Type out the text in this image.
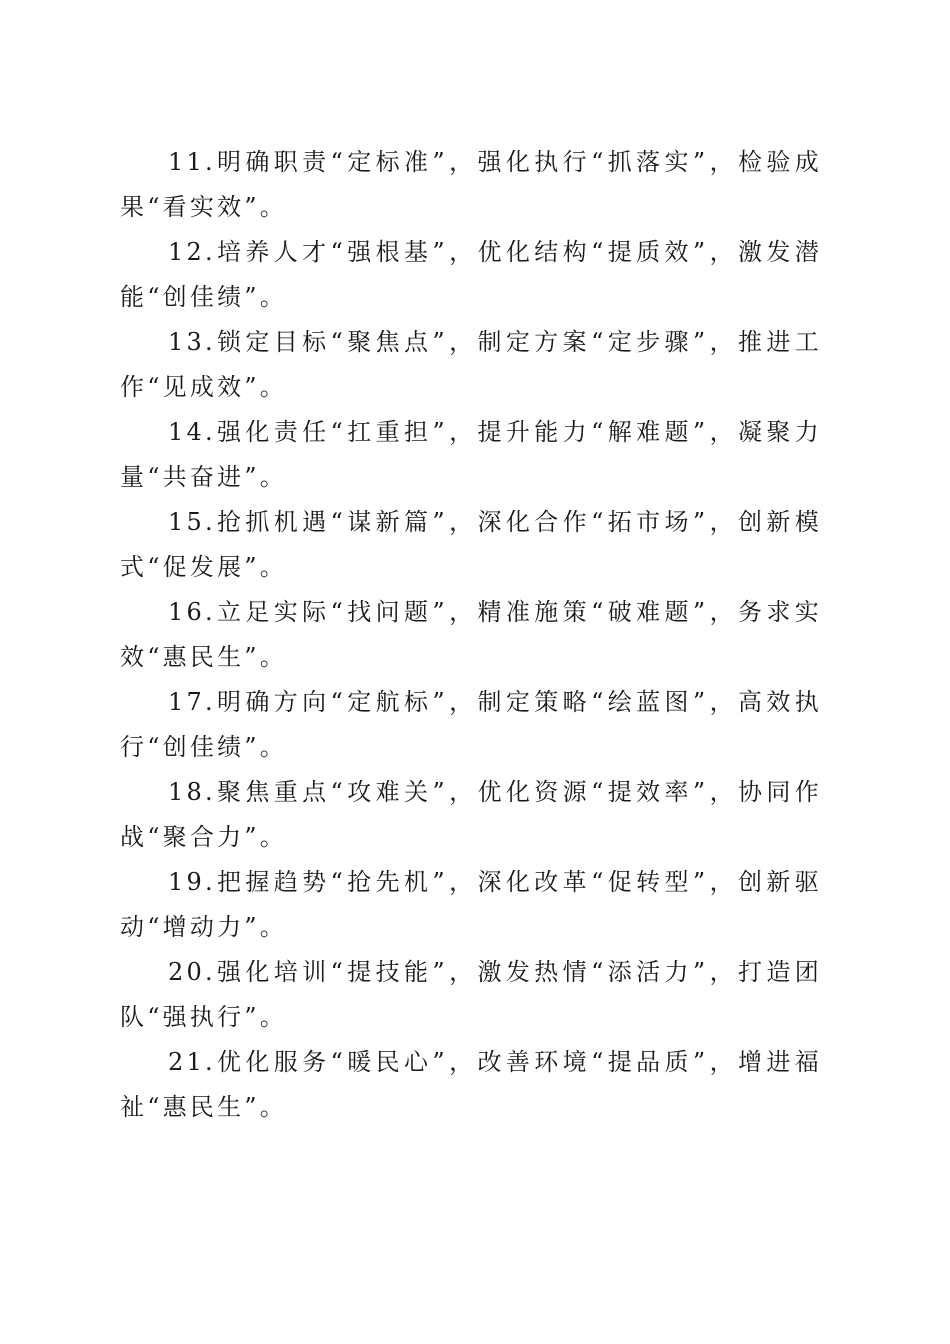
11.明确职责“定标准”，强化执行“抓落实”，检验成果“看实效”。

12.培养人才“强根基”，优化结构“提质效”，激发潜能“创佳绩”。

13.锁定目标“聚焦点”，制定方案“定步骤”，推进工作“见成效”。

14.强化责任“扛重担”，提升能力“解难题”，凝聚力量“共奋进”。

15.抢抓机遇“谋新篇”，深化合作“拓市场”，创新模式“促发展”。

16.立足实际“找问题”，精准施策“破难题”，务求实效“惠民生”。

17.明确方向“定航标”，制定策略“绘蓝图”，高效执行“创佳绩”。

18.聚焦重点“攻难关”，优化资源“提效率”，协同作战“聚合力”。

19.把握趋势“抢先机”，深化改革“促转型”，创新驱动“增动力”。

20.强化培训“提技能”，激发热情“添活力”，打造团队“强执行”。

21.优化服务“暖民心”，改善环境“提品质”，增进福祉“惠民生”。
